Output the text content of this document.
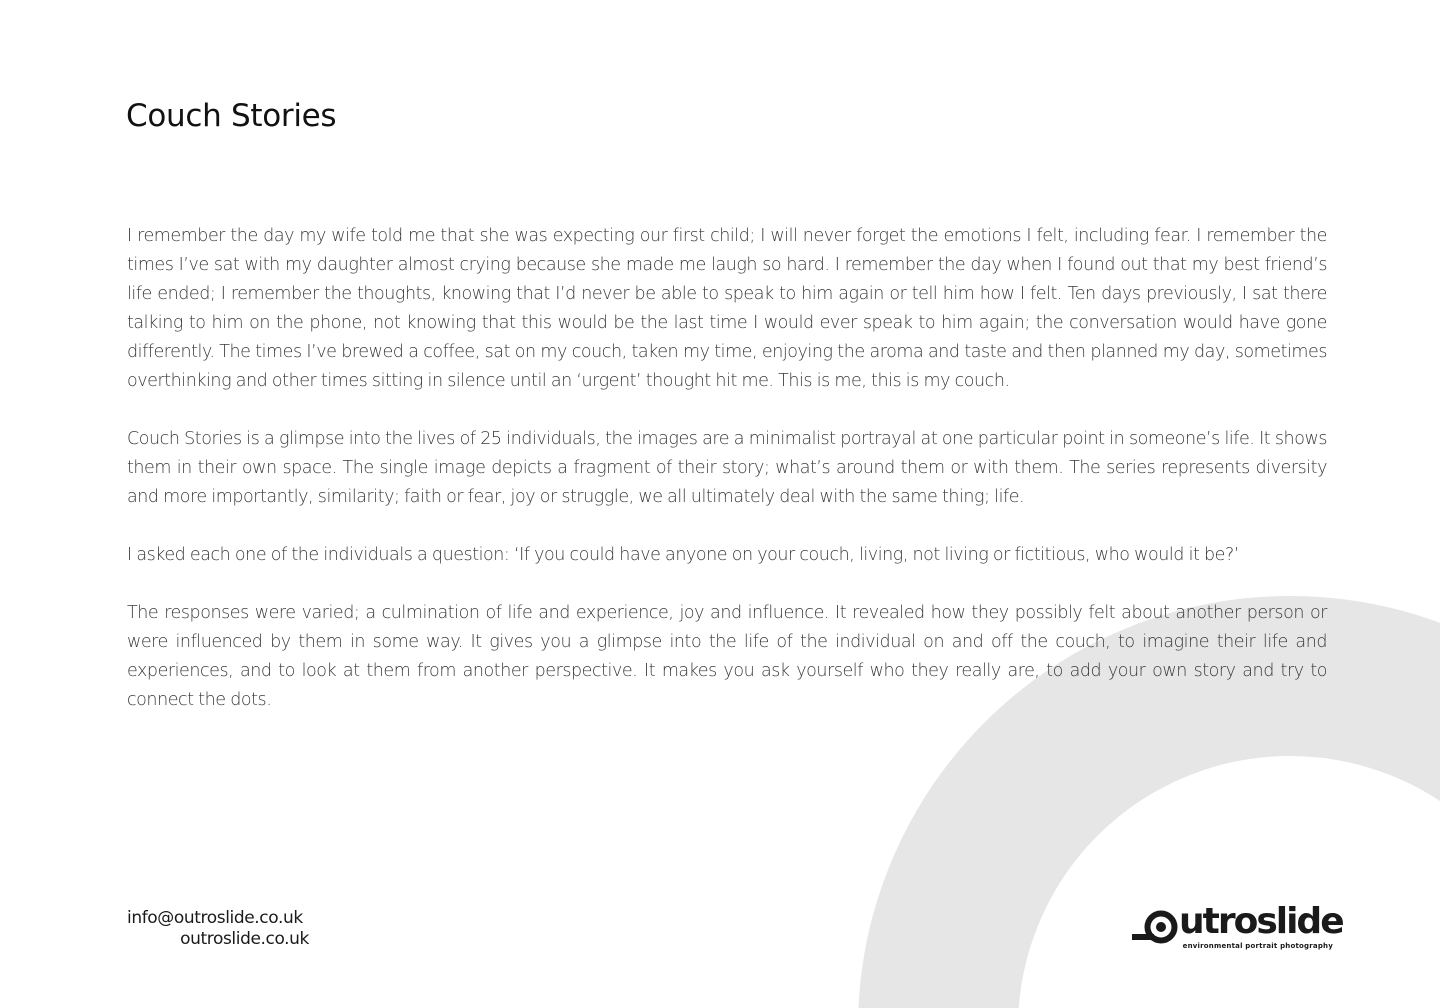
Couch Stories

I remember the day my wife told me that she was expecting our first child; I will never forget the emotions I felt, including fear. I remember the times I’ve sat with my daughter almost crying because she made me laugh so hard. I remember the day when I found out that my best friend’s life ended; I remember the thoughts, knowing that I’d never be able to speak to him again or tell him how I felt. Ten days previously, I sat there talking to him on the phone, not knowing that this would be the last time I would ever speak to him again; the conversation would have gone differently. The times I’ve brewed a coffee, sat on my couch, taken my time, enjoying the aroma and taste and then planned my day, sometimes overthinking and other times sitting in silence until an ‘urgent’ thought hit me. This is me, this is my couch.

Couch Stories is a glimpse into the lives of 25 individuals, the images are a minimalist portrayal at one particular point in someone’s life. It shows them in their own space. The single image depicts a fragment of their story; what’s around them or with them. The series represents diversity and more importantly, similarity; faith or fear, joy or struggle, we all ultimately deal with the same thing; life.

I asked each one of the individuals a question: ‘If you could have anyone on your couch, living, not living or fictitious, who would it be?’

The responses were varied; a culmination of life and experience, joy and influence. It revealed how they possibly felt about another person or were influenced by them in some way. It gives you a glimpse into the life of the individual on and off the couch, to imagine their life and experiences, and to look at them from another perspective. It makes you ask yourself who they really are, to add your own story and try to connect the dots.

info@outroslide.co.uk
outroslide.co.uk	utroslide
environmental portrait photography
